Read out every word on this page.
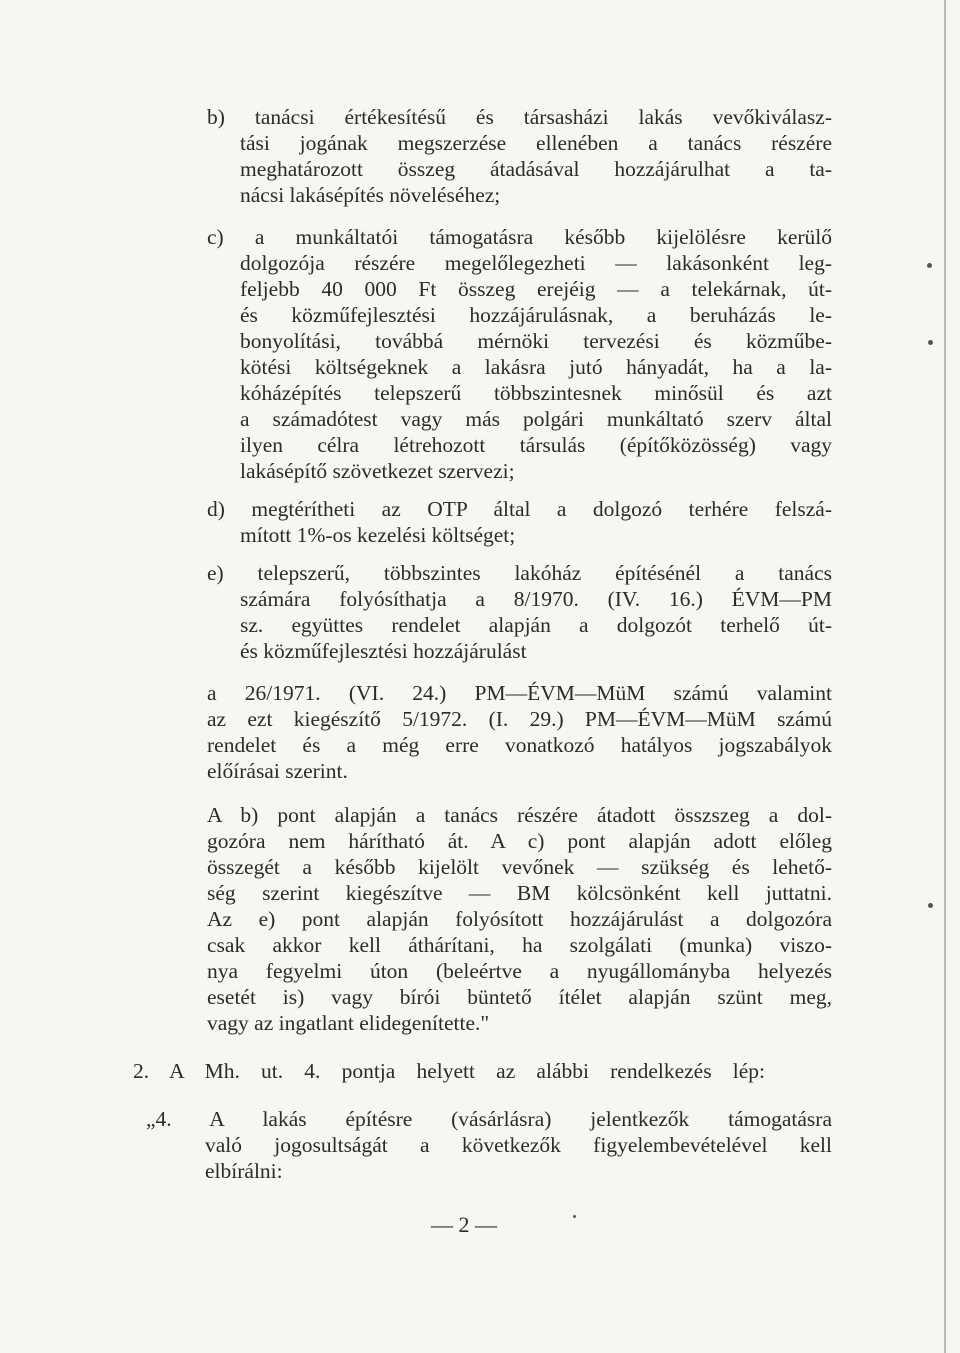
b) tanácsi értékesítésű és társasházi lakás vevőkiválasz-
tási jogának megszerzése ellenében a tanács részére
meghatározott összeg átadásával hozzájárulhat a ta-
nácsi lakásépítés növeléséhez;
c) a munkáltatói támogatásra később kijelölésre kerülő
dolgozója részére megelőlegezheti — lakásonként leg-
feljebb 40 000 Ft összeg erejéig — a telekárnak, út-
és közműfejlesztési hozzájárulásnak, a beruházás le-
bonyolítási, továbbá mérnöki tervezési és közműbe-
kötési költségeknek a lakásra jutó hányadát, ha a la-
kóházépítés telepszerű többszintesnek minősül és azt
a számadótest vagy más polgári munkáltató szerv által
ilyen célra létrehozott társulás (építőközösség) vagy
lakásépítő szövetkezet szervezi;
d) megtérítheti az OTP által a dolgozó terhére felszá-
mított 1%-os kezelési költséget;
e) telepszerű, többszintes lakóház építésénél a tanács
számára folyósíthatja a 8/1970. (IV. 16.) ÉVM—PM
sz. együttes rendelet alapján a dolgozót terhelő út-
és közműfejlesztési hozzájárulást
a 26/1971. (VI. 24.) PM—ÉVM—MüM számú valamint
az ezt kiegészítő 5/1972. (I. 29.) PM—ÉVM—MüM számú
rendelet és a még erre vonatkozó hatályos jogszabályok
előírásai szerint.
A b) pont alapján a tanács részére átadott összszeg a dol-
gozóra nem hárítható át. A c) pont alapján adott előleg
összegét a később kijelölt vevőnek — szükség és lehető-
ség szerint kiegészítve — BM kölcsönként kell juttatni.
Az e) pont alapján folyósított hozzájárulást a dolgozóra
csak akkor kell áthárítani, ha szolgálati (munka) viszo-
nya fegyelmi úton (beleértve a nyugállományba helyezés
esetét is) vagy bírói büntető ítélet alapján szünt meg,
vagy az ingatlant elidegenítette."
2. A Mh. ut. 4. pontja helyett az alábbi rendelkezés lép:
„4. A lakás építésre (vásárlásra) jelentkezők támogatásra
való jogosultságát a következők figyelembevételével kell
elbírálni:
— 2 —
